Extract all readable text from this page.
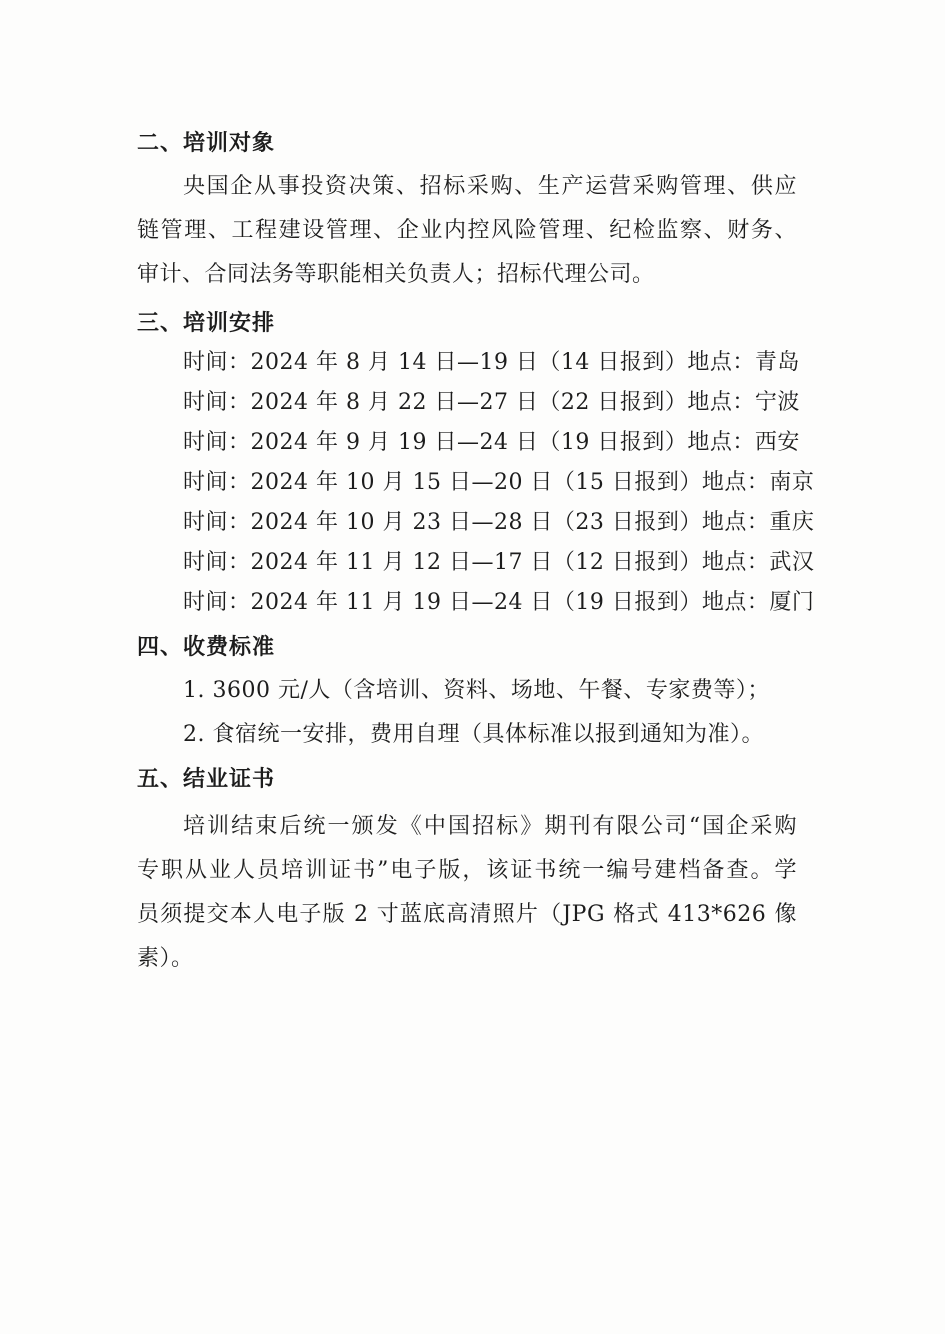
二、培训对象
央国企从事投资决策、招标采购、生产运营采购管理、供应
链管理、工程建设管理、企业内控风险管理、纪检监察、财务、
审计、合同法务等职能相关负责人；招标代理公司。
三、培训安排
时间：2024 年 8 月 14 日—19 日（14 日报到） 地点：青岛
时间：2024 年 8 月 22 日—27 日（22 日报到） 地点：宁波
时间：2024 年 9 月 19 日—24 日（19 日报到） 地点：西安
时间：2024 年 10 月 15 日—20 日（15 日报到） 地点：南京
时间：2024 年 10 月 23 日—28 日（23 日报到） 地点：重庆
时间：2024 年 11 月 12 日—17 日（12 日报到） 地点：武汉
时间：2024 年 11 月 19 日—24 日（19 日报到） 地点：厦门
四、收费标准
1. 3600 元/人（含培训、资料、场地、午餐、专家费等）；
2. 食宿统一安排，费用自理（具体标准以报到通知为准）。
五、结业证书
培训结束后统一颁发《中国招标》期刊有限公司“国企采购
专职从业人员培训证书”电子版，该证书统一编号建档备查。学
员须提交本人电子版 2 寸蓝底高清照片（JPG 格式 413*626 像
素）。
